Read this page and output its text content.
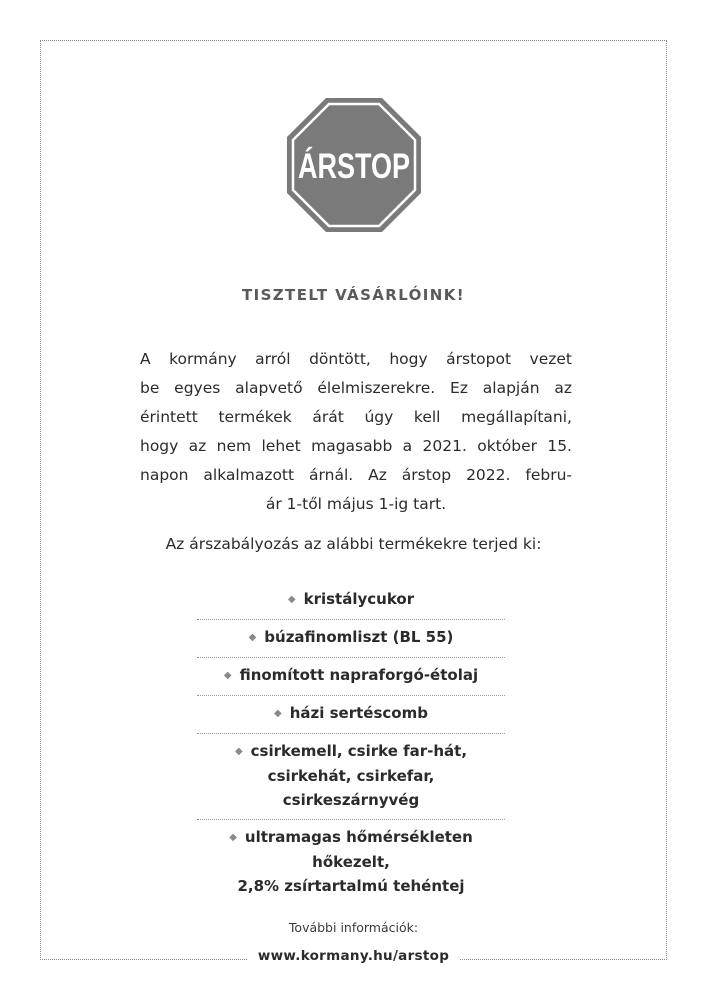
ÁRSTOP
TISZTELT VÁSÁRLÓINK!
A kormány arról döntött, hogy árstopot vezet
be egyes alapvető élelmiszerekre. Ez alapján az
érintett termékek árát úgy kell megállapítani,
hogy az nem lehet magasabb a 2021. október 15.
napon alkalmazott árnál. Az árstop 2022. febru-
ár 1-től május 1-ig tart.
Az árszabályozás az alábbi termékekre terjed ki:
◆ kristálycukor
◆ búzafinomliszt (BL 55)
◆ finomított napraforgó-étolaj
◆ házi sertéscomb
◆ csirkemell, csirke far-hát,
csirkehát, csirkefar, csirkeszárnyvég
◆ ultramagas hőmérsékleten hőkezelt,
2,8% zsírtartalmú tehéntej
További információk:
www.kormany.hu/arstop
